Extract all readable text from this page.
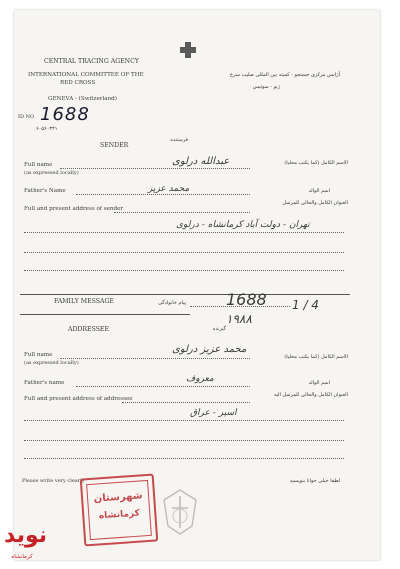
CENTRAL TRACING AGENCY
INTERNATIONAL COMMITTEE OF THE
RED CROSS
آژانس مرکزی جستجو - کمیته بین المللی صلیب سرخ
ژنو - سوئیس
GENEVA - (Switzerland)
ID NO 1688
۶۰۵۶۰۳۴۱
SENDER
فرستنده
Full name
(as expressed locally)
عبدالله درلوی	الاسم الکامل (کما یکتب محلیا)
Father's Name	محمد عزیز	اسم الوالد
Full and present address of sender
العنوان الکامل والحالی للمرسل
تهران - دولت آباد کرمانشاه - درلوی
FAMILY MESSAGE	پیام خانوادگی	1688
۱۹۸۸
1 / 4
ADDRESSEE	گیرنده
Full name
(as expressed locally)
محمد عزیز درلوی
الاسم الکامل (کما یکتب محلیا)
Father's name	معروف	اسم الوالد
Full and present address of addressee
العنوان الکامل والحالی للمرسل الیه
اسیر - عراق
Please write very clearly	لطفا خیلی خوانا بنویسید
شهرستان
کرمانشاه
نوید
کرمانشاه
